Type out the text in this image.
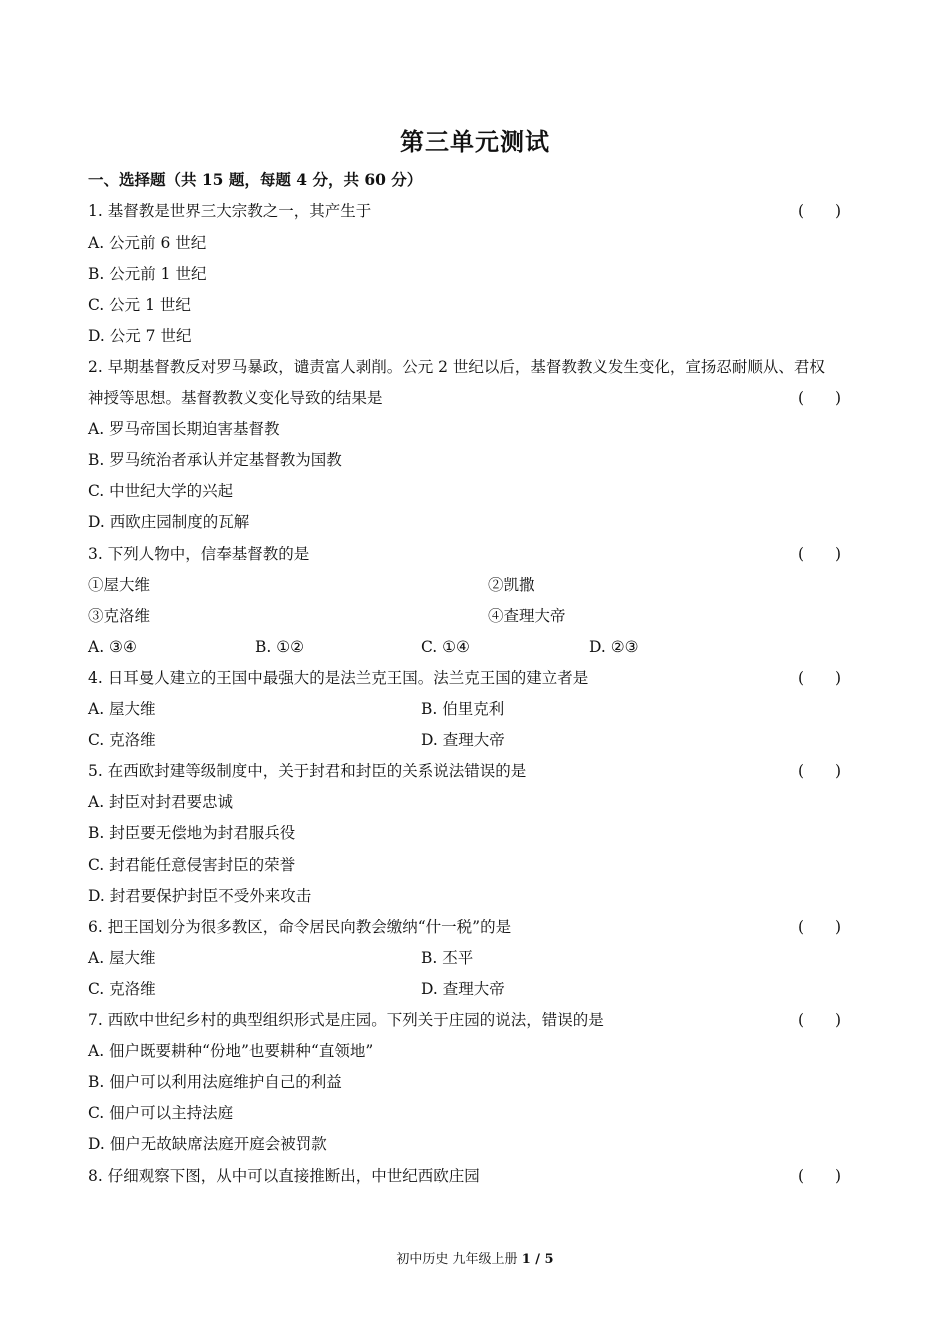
第三单元测试
一、选择题（共 15 题，每题 4 分，共 60 分）
1. 基督教是世界三大宗教之一，其产生于	(　　)
A. 公元前 6 世纪
B. 公元前 1 世纪
C. 公元 1 世纪
D. 公元 7 世纪
2. 早期基督教反对罗马暴政，谴责富人剥削。公元 2 世纪以后，基督教教义发生变化，宣扬忍耐顺从、君权
神授等思想。基督教教义变化导致的结果是	(　　)
A. 罗马帝国长期迫害基督教
B. 罗马统治者承认并定基督教为国教
C. 中世纪大学的兴起
D. 西欧庄园制度的瓦解
3. 下列人物中，信奉基督教的是	(　　)
①屋大维	②凯撒
③克洛维	④查理大帝
A. ③④	B. ①②	C. ①④	D. ②③
4. 日耳曼人建立的王国中最强大的是法兰克王国。法兰克王国的建立者是	(　　)
A. 屋大维	B. 伯里克利
C. 克洛维	D. 查理大帝
5. 在西欧封建等级制度中，关于封君和封臣的关系说法错误的是	(　　)
A. 封臣对封君要忠诚
B. 封臣要无偿地为封君服兵役
C. 封君能任意侵害封臣的荣誉
D. 封君要保护封臣不受外来攻击
6. 把王国划分为很多教区，命令居民向教会缴纳“什一税”的是	(　　)
A. 屋大维	B. 丕平
C. 克洛维	D. 查理大帝
7. 西欧中世纪乡村的典型组织形式是庄园。下列关于庄园的说法，错误的是	(　　)
A. 佃户既要耕种“份地”也要耕种“直领地”
B. 佃户可以利用法庭维护自己的利益
C. 佃户可以主持法庭
D. 佃户无故缺席法庭开庭会被罚款
8. 仔细观察下图，从中可以直接推断出，中世纪西欧庄园	(　　)
初中历史 九年级上册 1 / 5
